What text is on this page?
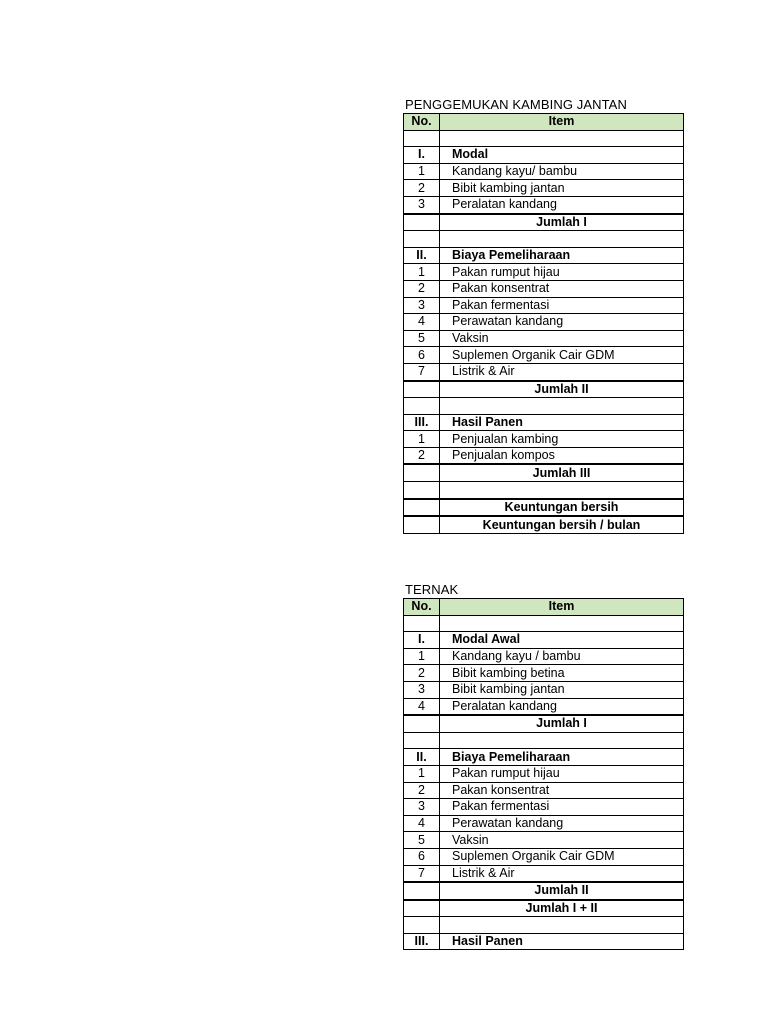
PENGGEMUKAN KAMBING JANTAN
No.	Item

I.	Modal
1	Kandang kayu/ bambu
2	Bibit kambing jantan
3	Peralatan kandang
	Jumlah I

II.	Biaya Pemeliharaan
1	Pakan rumput hijau
2	Pakan konsentrat
3	Pakan fermentasi
4	Perawatan kandang
5	Vaksin
6	Suplemen Organik Cair GDM
7	Listrik & Air
	Jumlah II

III.	Hasil Panen
1	Penjualan kambing
2	Penjualan kompos
	Jumlah III

	Keuntungan bersih
	Keuntungan bersih / bulan
TERNAK
No.	Item

I.	Modal Awal
1	Kandang kayu / bambu
2	Bibit kambing betina
3	Bibit kambing jantan
4	Peralatan kandang
	Jumlah I

II.	Biaya Pemeliharaan
1	Pakan rumput hijau
2	Pakan konsentrat
3	Pakan fermentasi
4	Perawatan kandang
5	Vaksin
6	Suplemen Organik Cair GDM
7	Listrik & Air
	Jumlah II
	Jumlah I + II

III.	Hasil Panen
